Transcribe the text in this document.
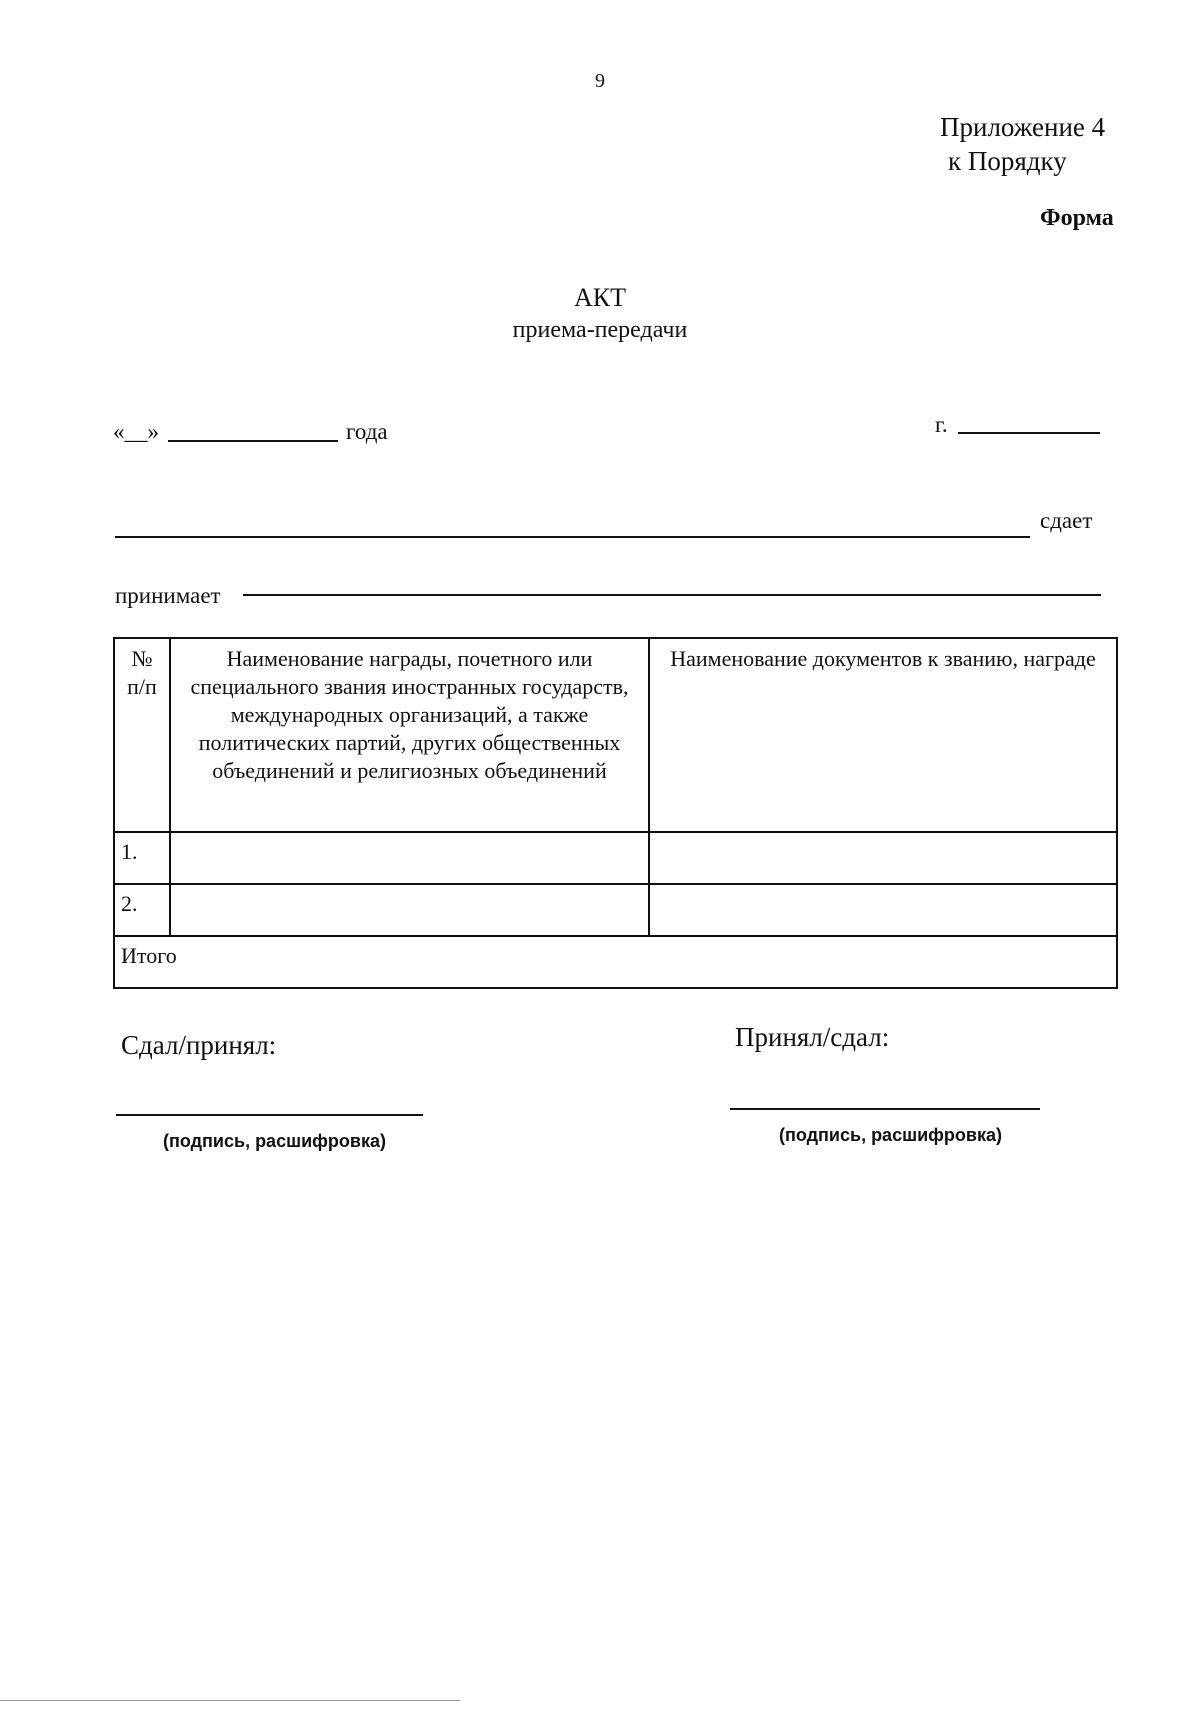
9
Приложение 4
к Порядку
Форма
АКТ
приема-передачи
«__»	года	г.
сдает
принимает
№ п/п	Наименование награды, почетного или специального звания иностранных государств, международных организаций, а также политических партий, других общественных объединений и религиозных объединений	Наименование документов к званию, награде
1.		
2.		
Итого		
Сдал/принял:
(подпись, расшифровка)
Принял/сдал:
(подпись, расшифровка)
